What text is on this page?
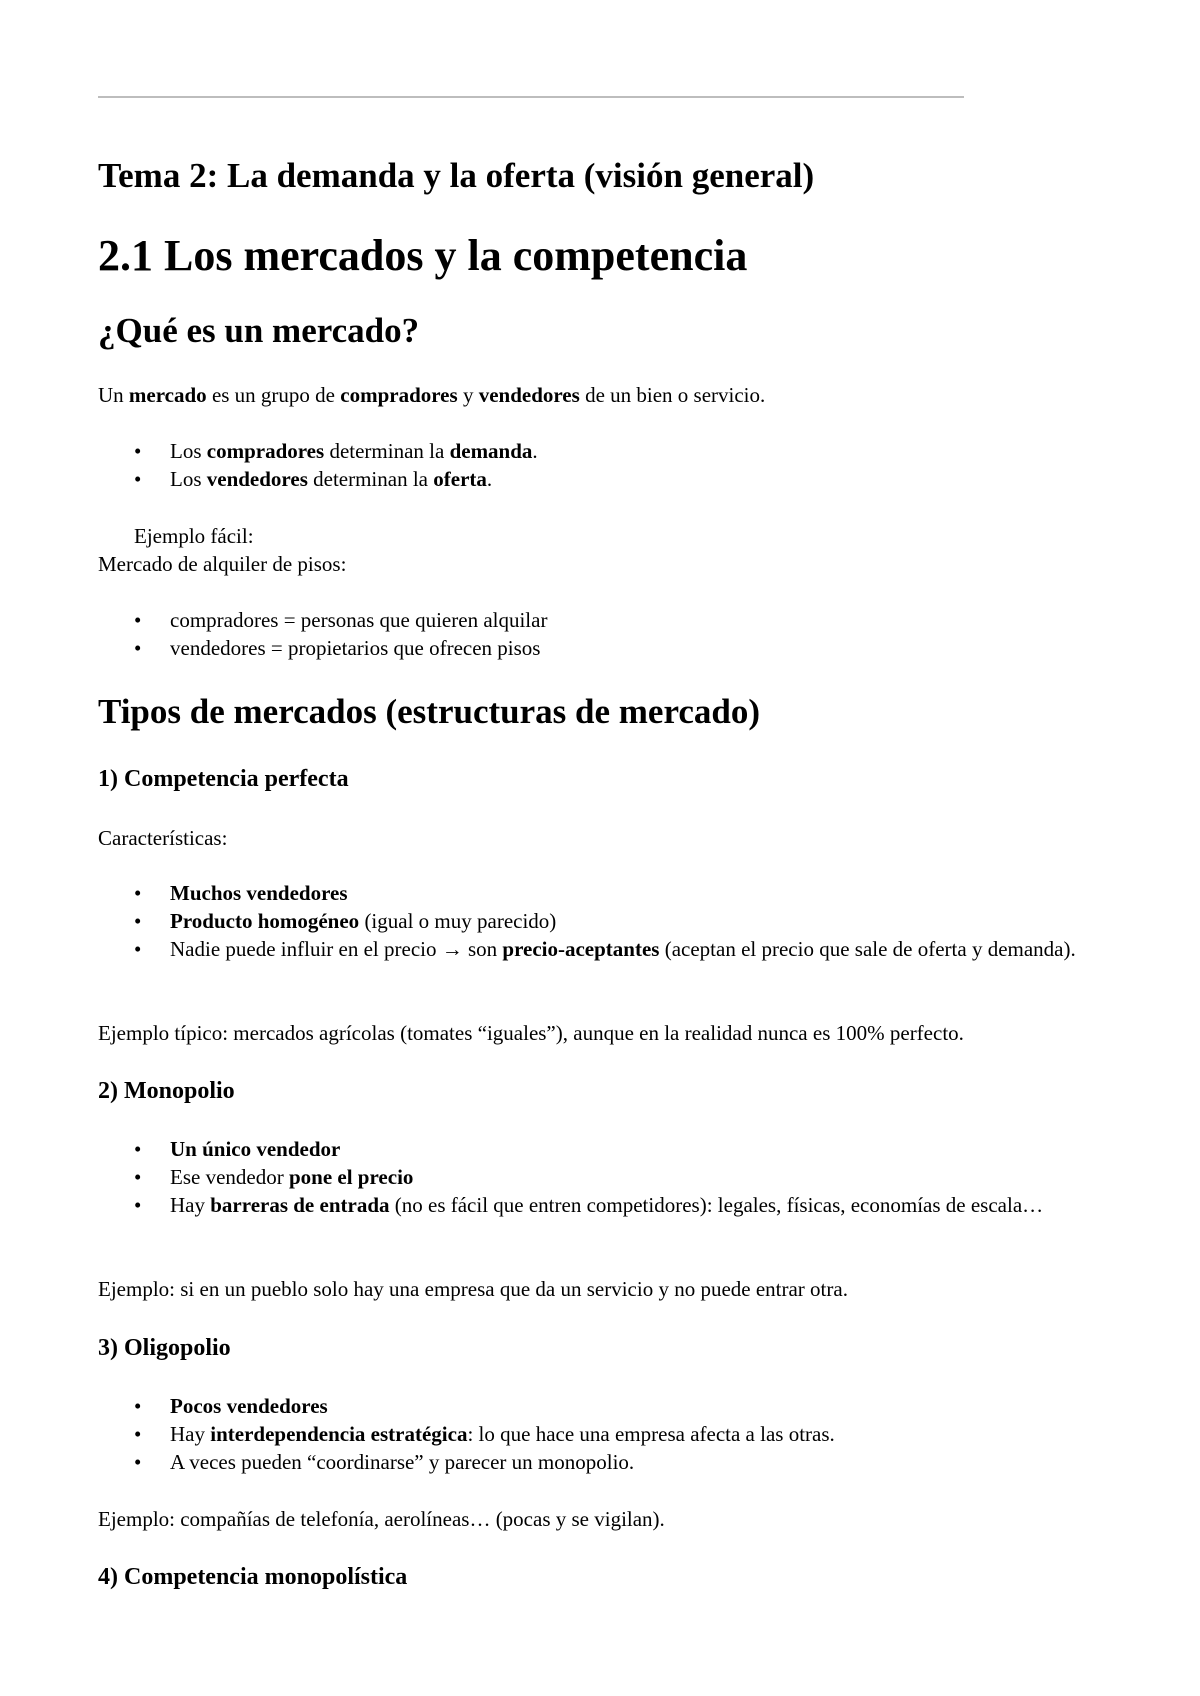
Tema 2: La demanda y la oferta (visión general)
2.1 Los mercados y la competencia
¿Qué es un mercado?

Un mercado es un grupo de compradores y vendedores de un bien o servicio.

• Los compradores determinan la demanda.
• Los vendedores determinan la oferta.

Ejemplo fácil:

Mercado de alquiler de pisos:

• compradores = personas que quieren alquilar
• vendedores = propietarios que ofrecen pisos
Tipos de mercados (estructuras de mercado)
1) Competencia perfecta

Características:

• Muchos vendedores
• Producto homogéneo (igual o muy parecido)
• Nadie puede influir en el precio → son precio-aceptantes (aceptan el precio que sale de oferta y demanda).

Ejemplo típico: mercados agrícolas (tomates “iguales”), aunque en la realidad nunca es 100% perfecto.

2) Monopolio
• Un único vendedor
• Ese vendedor pone el precio
• Hay barreras de entrada (no es fácil que entren competidores): legales, físicas, economías de escala…

Ejemplo: si en un pueblo solo hay una empresa que da un servicio y no puede entrar otra.

3) Oligopolio
• Pocos vendedores
• Hay interdependencia estratégica: lo que hace una empresa afecta a las otras.
• A veces pueden “coordinarse” y parecer un monopolio.

Ejemplo: compañías de telefonía, aerolíneas… (pocas y se vigilan).

4) Competencia monopolística
